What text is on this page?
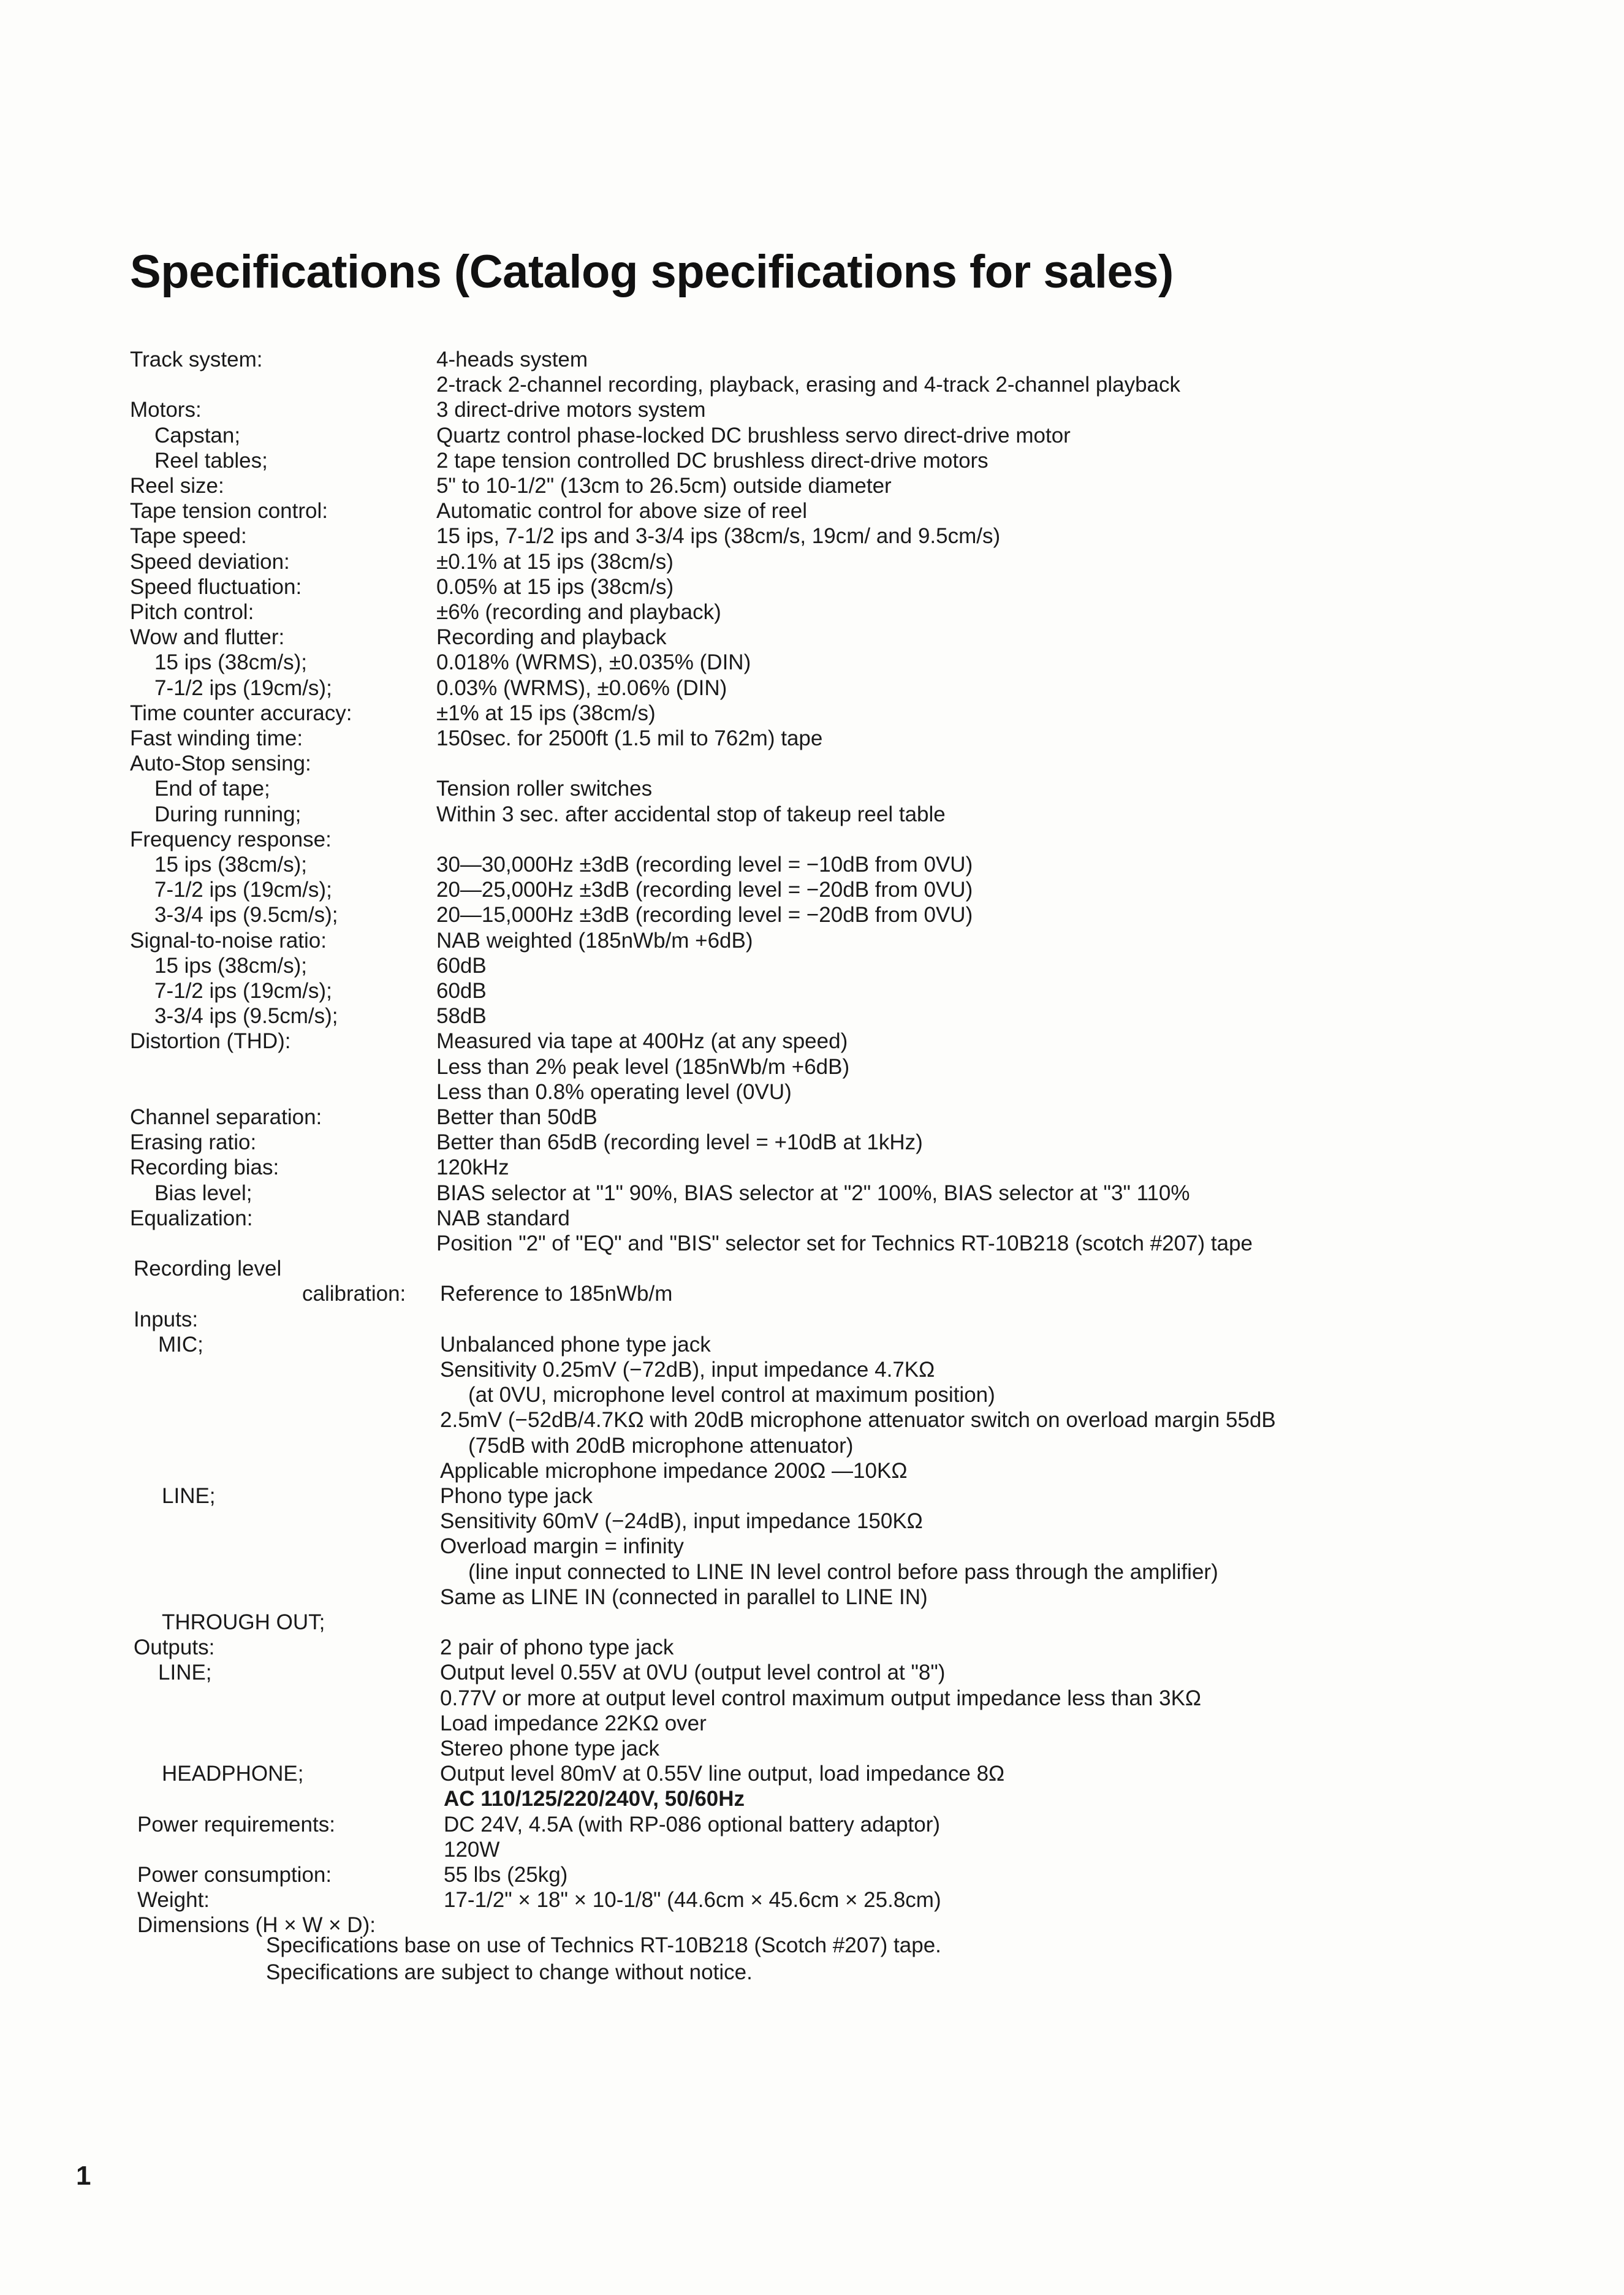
Specifications (Catalog specifications for sales)
Track system:
Motors:
Capstan;
Reel tables;
Reel size:
Tape tension control:
Tape speed:
Speed deviation:
Speed fluctuation:
Pitch control:
Wow and flutter:
15 ips (38cm/s);
7-1/2 ips (19cm/s);
Time counter accuracy:
Fast winding time:
Auto-Stop sensing:
End of tape;
During running;
Frequency response:
15 ips (38cm/s);
7-1/2 ips (19cm/s);
3-3/4 ips (9.5cm/s);
Signal-to-noise ratio:
15 ips (38cm/s);
7-1/2 ips (19cm/s);
3-3/4 ips (9.5cm/s);
Distortion (THD):
Channel separation:
Erasing ratio:
Recording bias:
Bias level;
Equalization:
Recording level
calibration:
Inputs:
MIC;
LINE;
THROUGH OUT;
Outputs:
LINE;
HEADPHONE;
Power requirements:
Power consumption:
Weight:
Dimensions (H × W × D):
4-heads system
2-track 2-channel recording, playback, erasing and 4-track 2-channel playback
3 direct-drive motors system
Quartz control phase-locked DC brushless servo direct-drive motor
2 tape tension controlled DC brushless direct-drive motors
5" to 10-1/2" (13cm to 26.5cm) outside diameter
Automatic control for above size of reel
15 ips, 7-1/2 ips and 3-3/4 ips (38cm/s, 19cm/ and 9.5cm/s)
±0.1% at 15 ips (38cm/s)
0.05% at 15 ips (38cm/s)
±6% (recording and playback)
Recording and playback
0.018% (WRMS), ±0.035% (DIN)
0.03% (WRMS), ±0.06% (DIN)
±1% at 15 ips (38cm/s)
150sec. for 2500ft (1.5 mil to 762m) tape
Tension roller switches
Within 3 sec. after accidental stop of takeup reel table
30—30,000Hz ±3dB (recording level = −10dB from 0VU)
20—25,000Hz ±3dB (recording level = −20dB from 0VU)
20—15,000Hz ±3dB (recording level = −20dB from 0VU)
NAB weighted (185nWb/m +6dB)
60dB
60dB
58dB
Measured via tape at 400Hz (at any speed)
Less than 2% peak level (185nWb/m +6dB)
Less than 0.8% operating level (0VU)
Better than 50dB
Better than 65dB (recording level = +10dB at 1kHz)
120kHz
BIAS selector at "1" 90%, BIAS selector at "2" 100%, BIAS selector at "3" 110%
NAB standard
Position "2" of "EQ" and "BIS" selector set for Technics RT-10B218 (scotch #207) tape
Reference to 185nWb/m
Unbalanced phone type jack
Sensitivity 0.25mV (−72dB), input impedance 4.7KΩ
(at 0VU, microphone level control at maximum position)
2.5mV (−52dB/4.7KΩ with 20dB microphone attenuator switch on overload margin 55dB
(75dB with 20dB microphone attenuator)
Applicable microphone impedance 200Ω —10KΩ
Phono type jack
Sensitivity 60mV (−24dB), input impedance 150KΩ
Overload margin = infinity
(line input connected to LINE IN level control before pass through the amplifier)
Same as LINE IN (connected in parallel to LINE IN)
2 pair of phono type jack
Output level 0.55V at 0VU (output level control at "8")
0.77V or more at output level control maximum output impedance less than 3KΩ
Load impedance 22KΩ over
Stereo phone type jack
Output level 80mV at 0.55V line output, load impedance 8Ω
AC 110/125/220/240V, 50/60Hz
DC 24V, 4.5A (with RP-086 optional battery adaptor)
120W
55 lbs (25kg)
17-1/2" × 18" × 10-1/8" (44.6cm × 45.6cm × 25.8cm)
Specifications base on use of Technics RT-10B218 (Scotch #207) tape.
Specifications are subject to change without notice.
1
